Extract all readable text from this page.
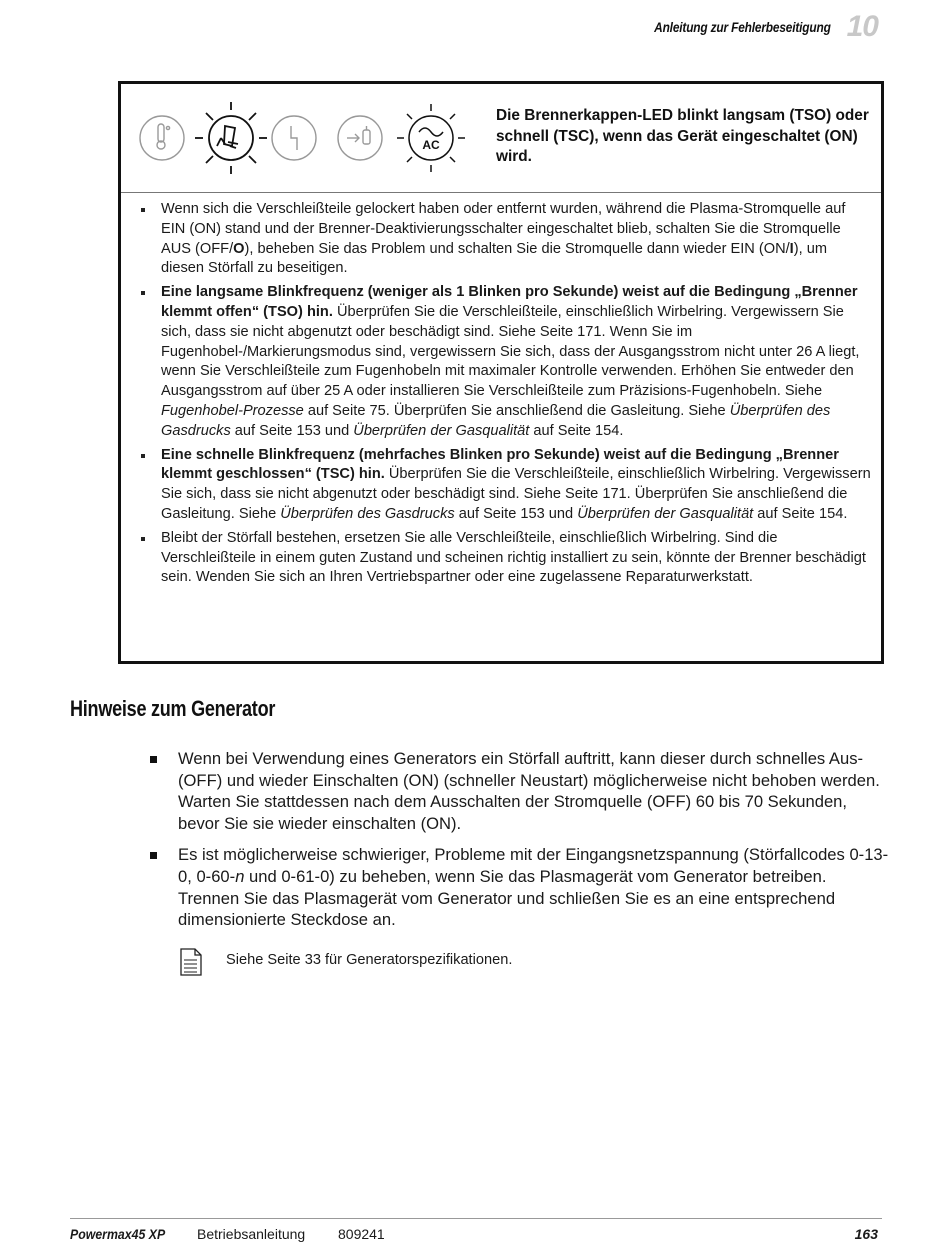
Anleitung zur Fehlerbeseitigung 10
AC
Die Brennerkappen-LED blinkt langsam (TSO) oder schnell (TSC), wenn das Gerät eingeschaltet (ON) wird.
Wenn sich die Verschleißteile gelockert haben oder entfernt wurden, während die Plasma-Stromquelle auf EIN (ON) stand und der Brenner-Deaktivierungsschalter eingeschaltet blieb, schalten Sie die Stromquelle AUS (OFF/O), beheben Sie das Problem und schalten Sie die Stromquelle dann wieder EIN (ON/I), um diesen Störfall zu beseitigen.
Eine langsame Blinkfrequenz (weniger als 1 Blinken pro Sekunde) weist auf die Bedingung „Brenner klemmt offen“ (TSO) hin. Überprüfen Sie die Verschleißteile, einschließlich Wirbelring. Vergewissern Sie sich, dass sie nicht abgenutzt oder beschädigt sind. Siehe Seite 171. Wenn Sie im Fugenhobel-/Markierungsmodus sind, vergewissern Sie sich, dass der Ausgangsstrom nicht unter 26 A liegt, wenn Sie Verschleißteile zum Fugenhobeln mit maximaler Kontrolle verwenden. Erhöhen Sie entweder den Ausgangsstrom auf über 25 A oder installieren Sie Verschleißteile zum Präzisions-Fugenhobeln. Siehe Fugenhobel-Prozesse auf Seite 75. Überprüfen Sie anschließend die Gasleitung. Siehe Überprüfen des Gasdrucks auf Seite 153 und Überprüfen der Gasqualität auf Seite 154.
Eine schnelle Blinkfrequenz (mehrfaches Blinken pro Sekunde) weist auf die Bedingung „Brenner klemmt geschlossen“ (TSC) hin. Überprüfen Sie die Verschleißteile, einschließlich Wirbelring. Vergewissern Sie sich, dass sie nicht abgenutzt oder beschädigt sind. Siehe Seite 171. Überprüfen Sie anschließend die Gasleitung. Siehe Überprüfen des Gasdrucks auf Seite 153 und Überprüfen der Gasqualität auf Seite 154.
Bleibt der Störfall bestehen, ersetzen Sie alle Verschleißteile, einschließlich Wirbelring. Sind die Verschleißteile in einem guten Zustand und scheinen richtig installiert zu sein, könnte der Brenner beschädigt sein. Wenden Sie sich an Ihren Vertriebspartner oder eine zugelassene Reparaturwerkstatt.
Hinweise zum Generator
Wenn bei Verwendung eines Generators ein Störfall auftritt, kann dieser durch schnelles Aus- (OFF) und wieder Einschalten (ON) (schneller Neustart) möglicherweise nicht behoben werden. Warten Sie stattdessen nach dem Ausschalten der Stromquelle (OFF) 60 bis 70 Sekunden, bevor Sie sie wieder einschalten (ON).
Es ist möglicherweise schwieriger, Probleme mit der Eingangsnetzspannung (Störfallcodes 0-13-0, 0-60-n und 0-61-0) zu beheben, wenn Sie das Plasmagerät vom Generator betreiben. Trennen Sie das Plasmagerät vom Generator und schließen Sie es an eine entsprechend dimensionierte Steckdose an.
Siehe Seite 33 für Generatorspezifikationen.
Powermax45 XP Betriebsanleitung 809241	163
